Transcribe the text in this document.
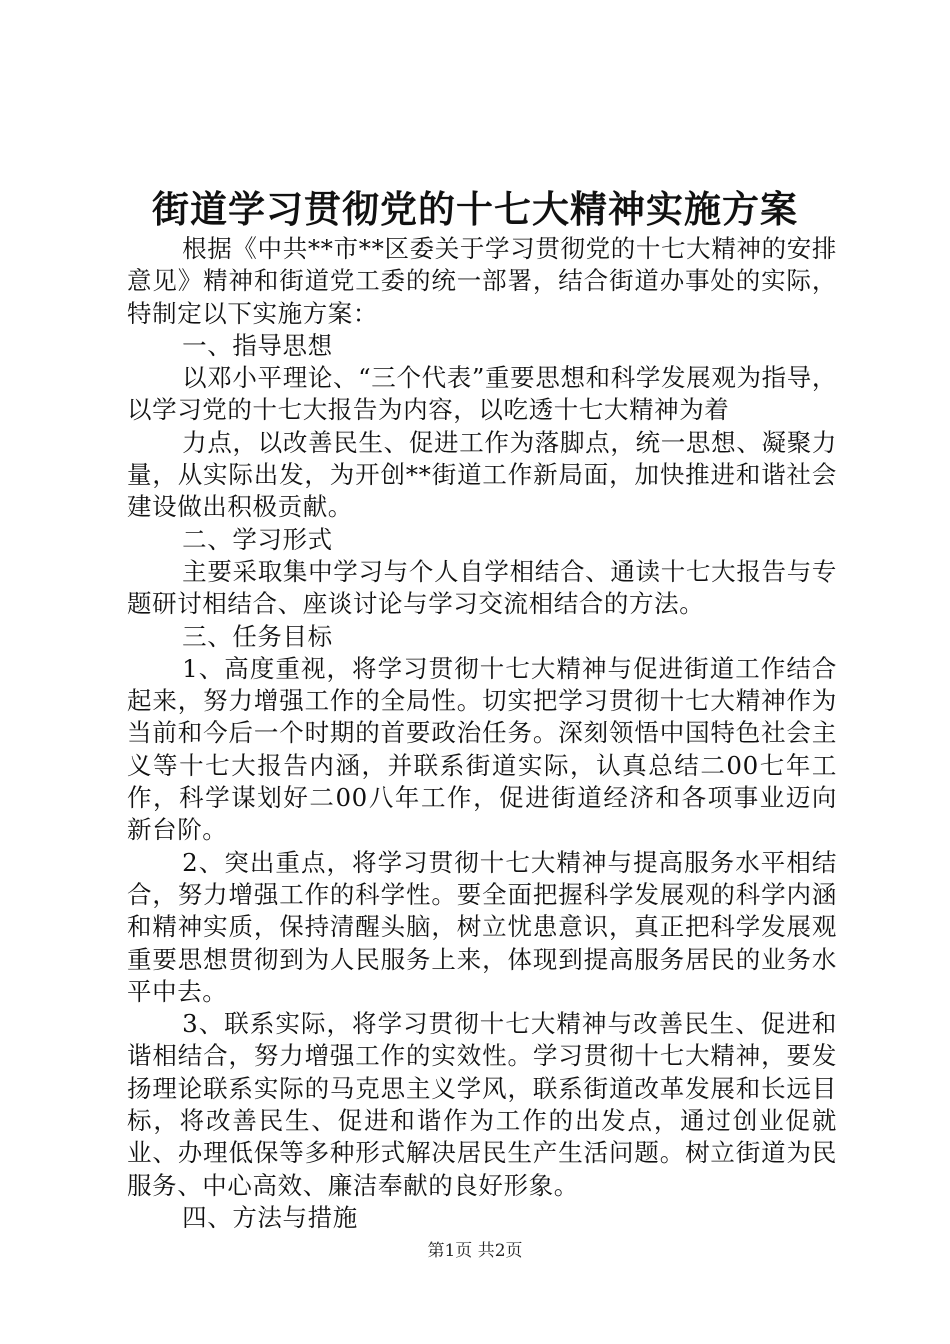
街道学习贯彻党的十七大精神实施方案

根据《中共**市**区委关于学习贯彻党的十七大精神的安排意见》精神和街道党工委的统一部署，结合街道办事处的实际，特制定以下实施方案：

一、指导思想

以邓小平理论、“三个代表”重要思想和科学发展观为指导，以学习党的十七大报告为内容，以吃透十七大精神为着

力点，以改善民生、促进工作为落脚点，统一思想、凝聚力量，从实际出发，为开创**街道工作新局面，加快推进和谐社会建设做出积极贡献。

二、学习形式

主要采取集中学习与个人自学相结合、通读十七大报告与专题研讨相结合、座谈讨论与学习交流相结合的方法。

三、任务目标

1、高度重视，将学习贯彻十七大精神与促进街道工作结合起来，努力增强工作的全局性。切实把学习贯彻十七大精神作为当前和今后一个时期的首要政治任务。深刻领悟中国特色社会主义等十七大报告内涵，并联系街道实际，认真总结二00七年工作，科学谋划好二00八年工作，促进街道经济和各项事业迈向新台阶。

2、突出重点，将学习贯彻十七大精神与提高服务水平相结合，努力增强工作的科学性。要全面把握科学发展观的科学内涵和精神实质，保持清醒头脑，树立忧患意识，真正把科学发展观重要思想贯彻到为人民服务上来，体现到提高服务居民的业务水平中去。

3、联系实际，将学习贯彻十七大精神与改善民生、促进和谐相结合，努力增强工作的实效性。学习贯彻十七大精神，要发扬理论联系实际的马克思主义学风，联系街道改革发展和长远目标，将改善民生、促进和谐作为工作的出发点，通过创业促就业、办理低保等多种形式解决居民生产生活问题。树立街道为民服务、中心高效、廉洁奉献的良好形象。

四、方法与措施

第1页 共2页
